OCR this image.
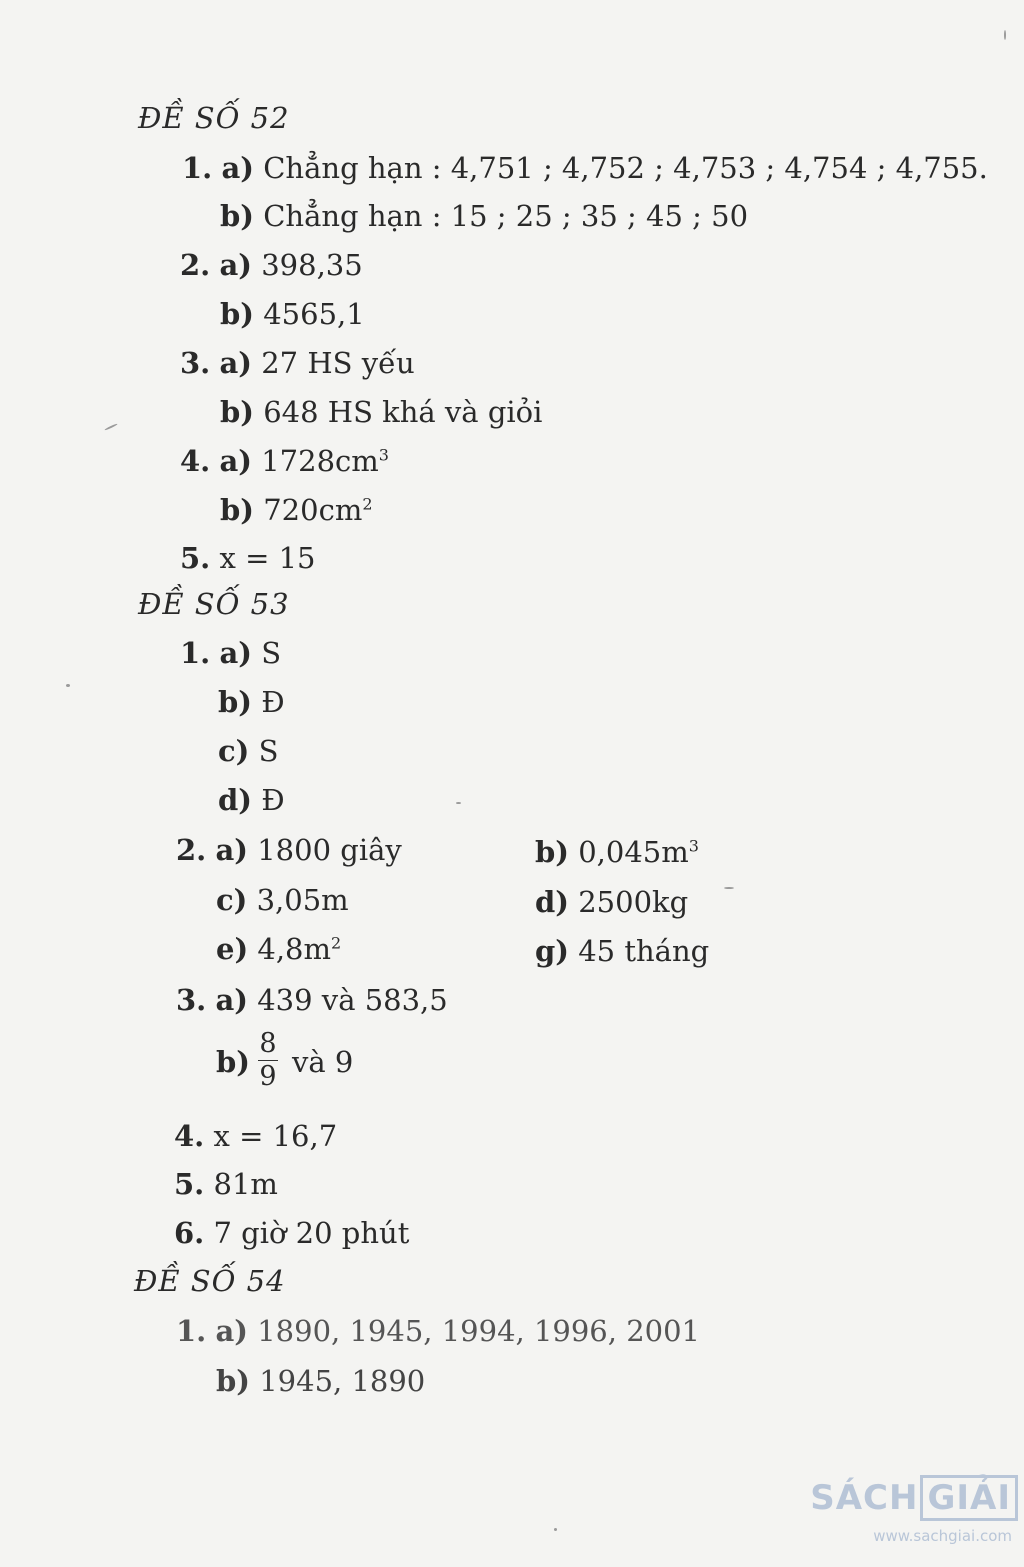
ĐỀ SỐ 52
1. a) Chẳng hạn : 4,751 ; 4,752 ; 4,753 ; 4,754 ; 4,755.
b) Chẳng hạn : 15 ; 25 ; 35 ; 45 ; 50
2. a) 398,35
b) 4565,1
3. a) 27 HS yếu
b) 648 HS khá và giỏi
4. a) $1728cm^3$
b) $720cm^2$
5. x = 15
ĐỀ SỐ 53
1. a) S
b) Đ
c) S
d) Đ
2. a) 1800 giây	b) $0,045m^3$
c) 3,05m	d) 2500kg
e) $4,8m^2$	g) 45 tháng
3. a) 439 và 583,5
b)
8
9 và 9
4. x = 16,7
5. 81m
6. 7 giờ 20 phút
ĐỀ SỐ 54
1. a) 1890, 1945, 1994, 1996, 2001
b) 1945, 1890
SÁCH GIẢI
www.sachgiai.com
